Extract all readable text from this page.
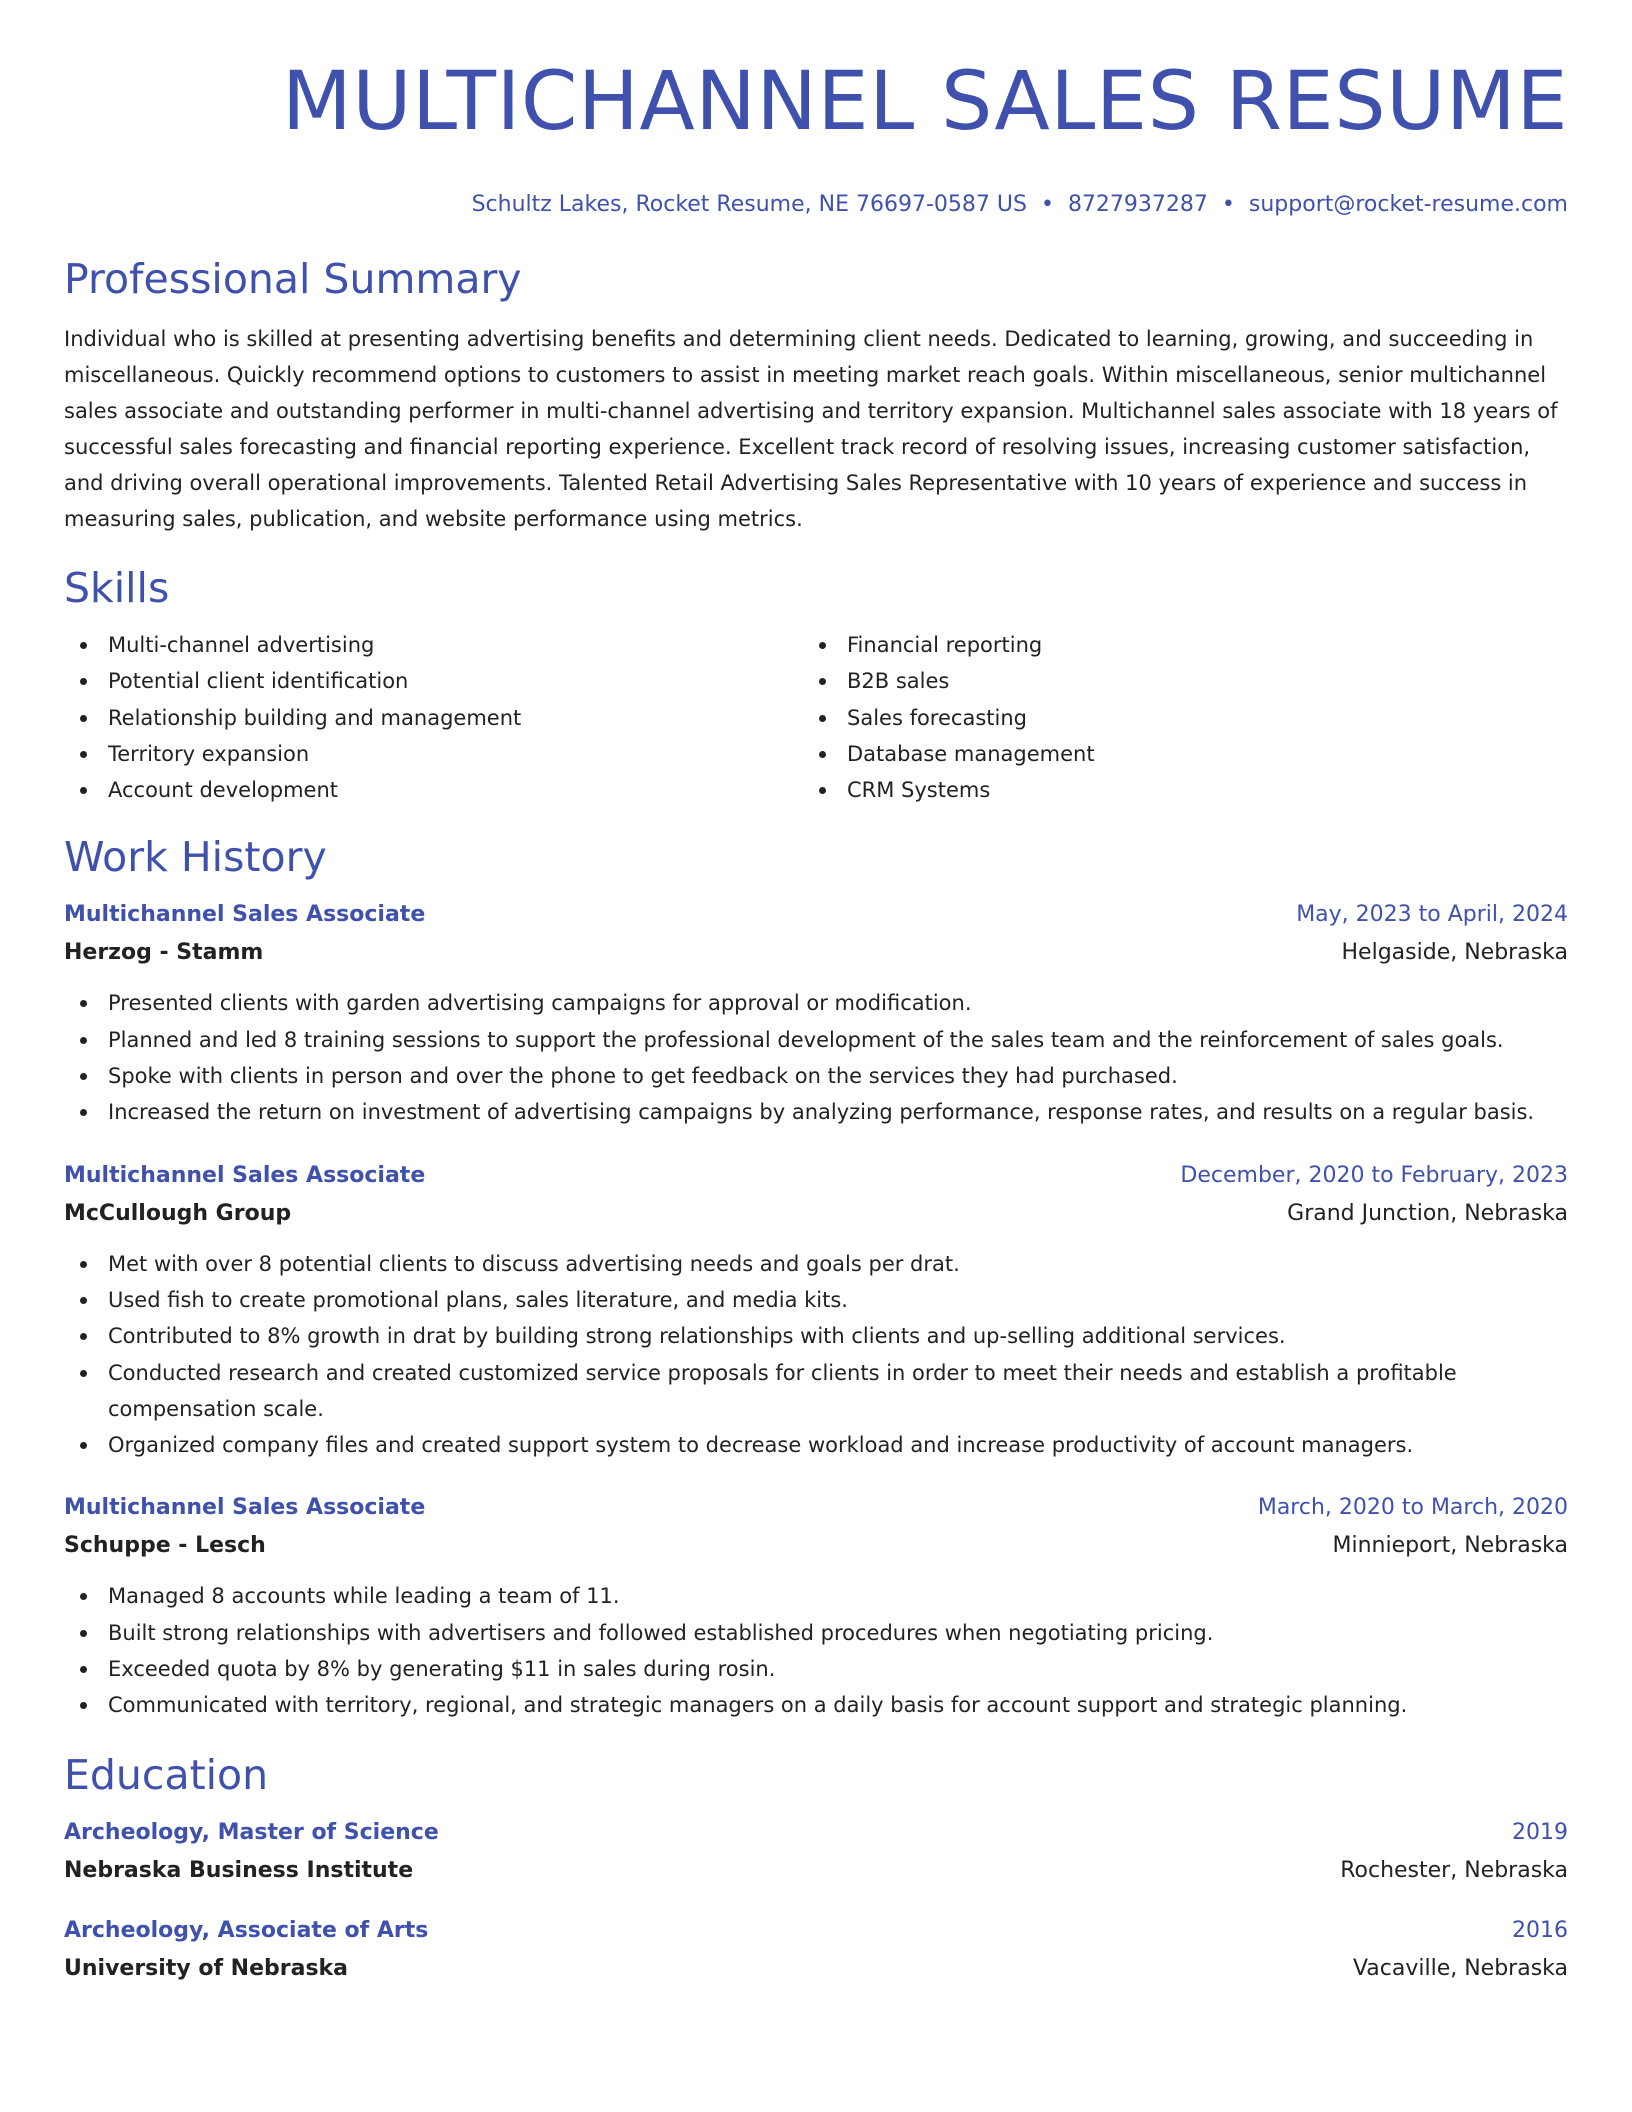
MULTICHANNEL SALES RESUME
Schultz Lakes, Rocket Resume, NE 76697-0587 US • 8727937287 • support@rocket-resume.com
Professional Summary
Individual who is skilled at presenting advertising benefits and determining client needs. Dedicated to learning, growing, and succeeding in miscellaneous. Quickly recommend options to customers to assist in meeting market reach goals. Within miscellaneous, senior multichannel sales associate and outstanding performer in multi-channel advertising and territory expansion. Multichannel sales associate with 18 years of successful sales forecasting and financial reporting experience. Excellent track record of resolving issues, increasing customer satisfaction, and driving overall operational improvements. Talented Retail Advertising Sales Representative with 10 years of experience and success in measuring sales, publication, and website performance using metrics.
Skills
Multi-channel advertising
Potential client identification
Relationship building and management
Territory expansion
Account development
Financial reporting
B2B sales
Sales forecasting
Database management
CRM Systems
Work History
Multichannel Sales Associate	May, 2023 to April, 2024
Herzog - Stamm	Helgaside, Nebraska
Presented clients with garden advertising campaigns for approval or modification.
Planned and led 8 training sessions to support the professional development of the sales team and the reinforcement of sales goals.
Spoke with clients in person and over the phone to get feedback on the services they had purchased.
Increased the return on investment of advertising campaigns by analyzing performance, response rates, and results on a regular basis.
Multichannel Sales Associate	December, 2020 to February, 2023
McCullough Group	Grand Junction, Nebraska
Met with over 8 potential clients to discuss advertising needs and goals per drat.
Used fish to create promotional plans, sales literature, and media kits.
Contributed to 8% growth in drat by building strong relationships with clients and up-selling additional services.
Conducted research and created customized service proposals for clients in order to meet their needs and establish a profitable compensation scale.
Organized company files and created support system to decrease workload and increase productivity of account managers.
Multichannel Sales Associate	March, 2020 to March, 2020
Schuppe - Lesch	Minnieport, Nebraska
Managed 8 accounts while leading a team of 11.
Built strong relationships with advertisers and followed established procedures when negotiating pricing.
Exceeded quota by 8% by generating $11 in sales during rosin.
Communicated with territory, regional, and strategic managers on a daily basis for account support and strategic planning.
Education
Archeology, Master of Science	2019
Nebraska Business Institute	Rochester, Nebraska
Archeology, Associate of Arts	2016
University of Nebraska	Vacaville, Nebraska
